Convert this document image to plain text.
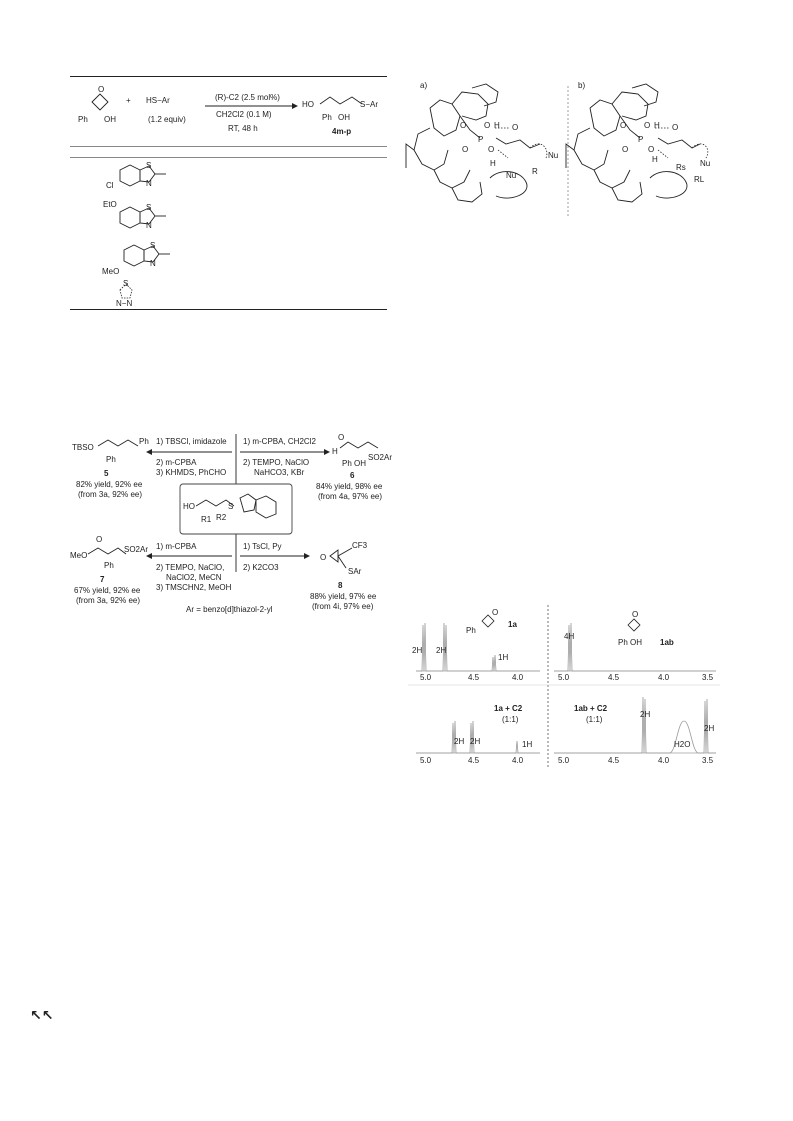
O
Ph OH
+ HS−Ar
(1.2 equiv)
(R)-C2 (2.5 mol%)
CH2Cl2 (0.1 M)
RT, 48 h
HO
Ph OH
S−Ar
4m-p
S
N
Cl
S
N
EtO
S
N
MeO
S
N−N
a)	b)
O
O
O
P
O
H
H
O
Nu R
Nu
O
O
O
P
O
H
H
O
Nu
Rs
RL
1) TBSCl, imidazole
2) m-CPBA
3) KHMDS, PhCHO
1) m-CPBA, CH2Cl2
2) TEMPO, NaClO
NaHCO3, KBr
1) m-CPBA
2) TEMPO, NaClO,
NaClO2, MeCN
3) TMSCHN2, MeOH
1) TsCl, Py
2) K2CO3
HO
R1 R2
S
TBSO
Ph
Ph
5
82% yield, 92% ee
(from 3a, 92% ee)
O
H
Ph OH
SO2Ar
6
84% yield, 98% ee
(from 4a, 97% ee)
O
MeO
SO2Ar
Ph
7
67% yield, 92% ee
(from 3a, 92% ee)
O
CF3
SAr
8
88% yield, 97% ee
(from 4i, 97% ee)
Ar = benzo[d]thiazol-2-yl
2H 2H
1H
5.0	4.5	4.0
O
Ph
1a
4H
5.0	4.5	4.0	3.5
O
Ph OH 1ab
2H 2H	1H
5.0	4.5	4.0
1a + C2
(1:1)
2H
H2O
2H
5.0	4.5	4.0	3.5
1ab + C2
(1:1)
↖↖
